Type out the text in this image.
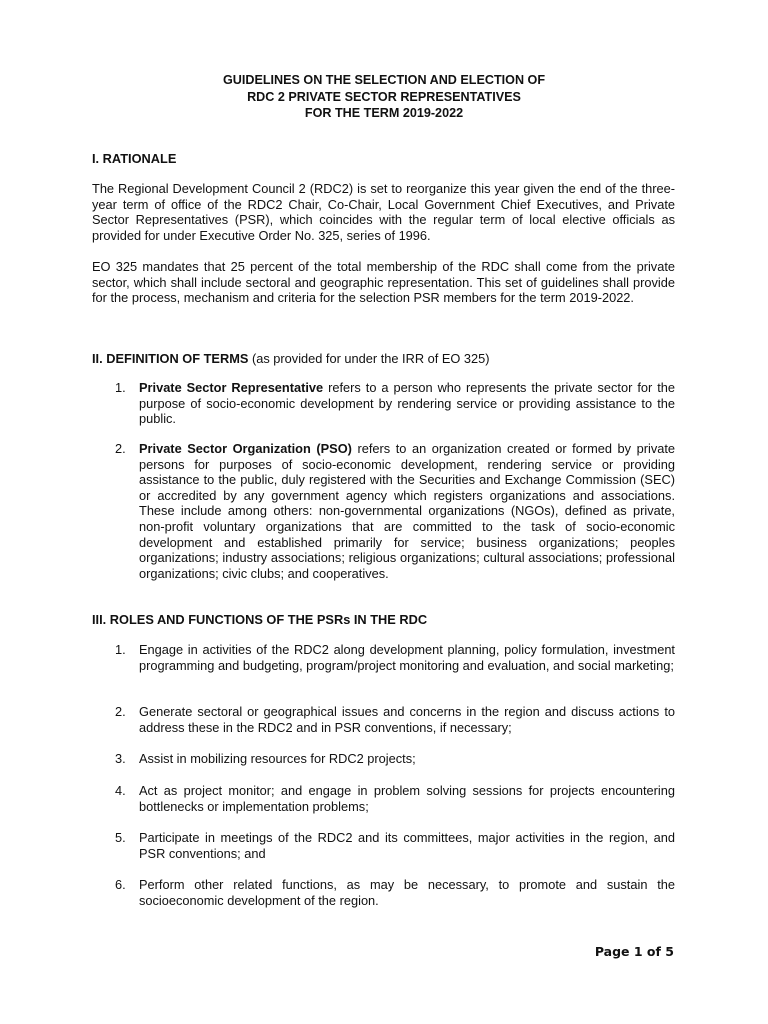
GUIDELINES ON THE SELECTION AND ELECTION OF
RDC 2 PRIVATE SECTOR REPRESENTATIVES
FOR THE TERM 2019-2022
I. RATIONALE
The Regional Development Council 2 (RDC2) is set to reorganize this year given the end of the three-year term of office of the RDC2 Chair, Co-Chair, Local Government Chief Executives, and Private Sector Representatives (PSR), which coincides with the regular term of local elective officials as provided for under Executive Order No. 325, series of 1996.
EO 325 mandates that 25 percent of the total membership of the RDC shall come from the private sector, which shall include sectoral and geographic representation. This set of guidelines shall provide for the process, mechanism and criteria for the selection PSR members for the term 2019-2022.
II. DEFINITION OF TERMS (as provided for under the IRR of EO 325)
1. Private Sector Representative refers to a person who represents the private sector for the purpose of socio-economic development by rendering service or providing assistance to the public.
2. Private Sector Organization (PSO) refers to an organization created or formed by private persons for purposes of socio-economic development, rendering service or providing assistance to the public, duly registered with the Securities and Exchange Commission (SEC) or accredited by any government agency which registers organizations and associations. These include among others: non-governmental organizations (NGOs), defined as private, non-profit voluntary organizations that are committed to the task of socio-economic development and established primarily for service; business organizations; peoples organizations; industry associations; religious organizations; cultural associations; professional organizations; civic clubs; and cooperatives.
III. ROLES AND FUNCTIONS OF THE PSRs IN THE RDC
1. Engage in activities of the RDC2 along development planning, policy formulation, investment programming and budgeting, program/project monitoring and evaluation, and social marketing;
2. Generate sectoral or geographical issues and concerns in the region and discuss actions to address these in the RDC2 and in PSR conventions, if necessary;
3. Assist in mobilizing resources for RDC2 projects;
4. Act as project monitor; and engage in problem solving sessions for projects encountering bottlenecks or implementation problems;
5. Participate in meetings of the RDC2 and its committees, major activities in the region, and PSR conventions; and
6. Perform other related functions, as may be necessary, to promote and sustain the socioeconomic development of the region.
Page 1 of 5
